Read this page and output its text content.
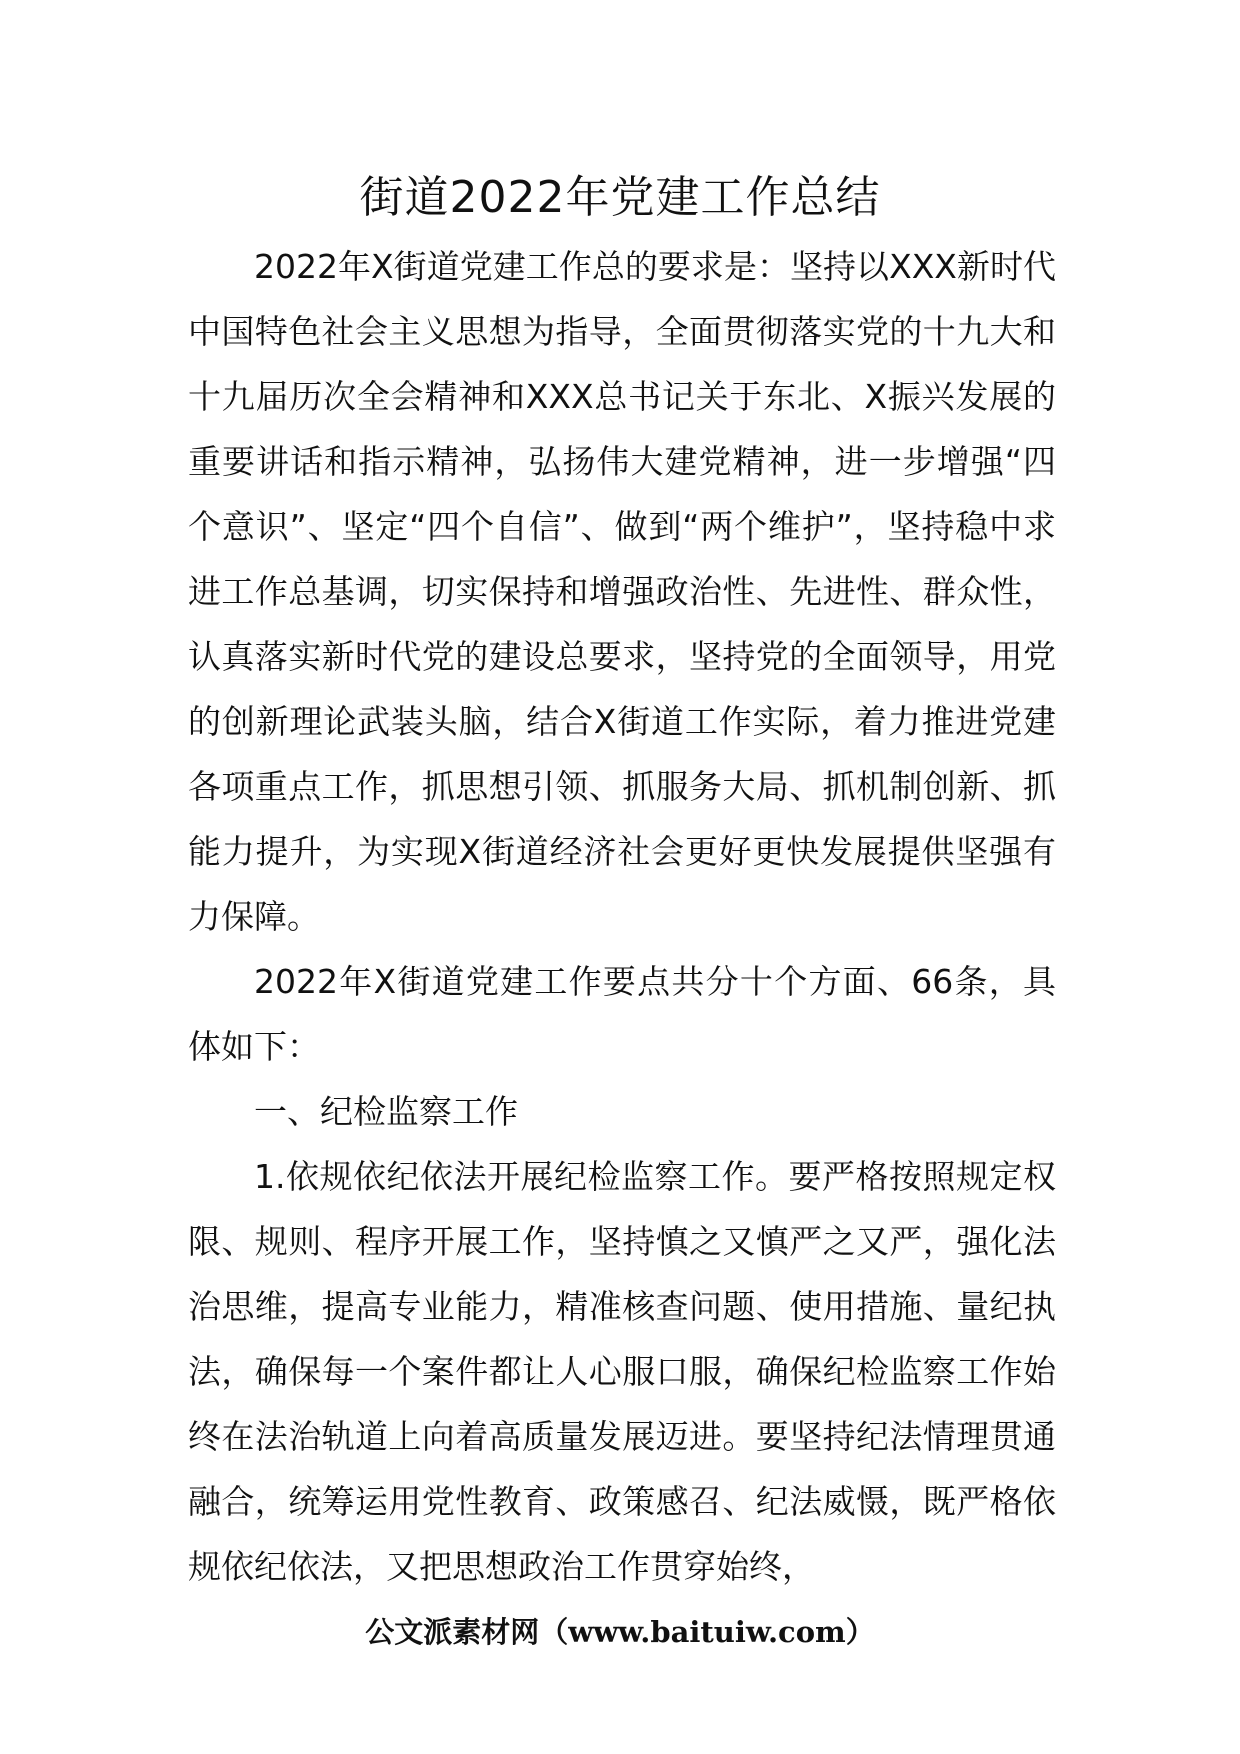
街道2022年党建工作总结

2022年X街道党建工作总的要求是：坚持以XXX新时代中国特色社会主义思想为指导，全面贯彻落实党的十九大和十九届历次全会精神和XXX总书记关于东北、X振兴发展的重要讲话和指示精神，弘扬伟大建党精神，进一步增强“四个意识”、坚定“四个自信”、做到“两个维护”，坚持稳中求进工作总基调，切实保持和增强政治性、先进性、群众性，认真落实新时代党的建设总要求，坚持党的全面领导，用党的创新理论武装头脑，结合X街道工作实际，着力推进党建各项重点工作，抓思想引领、抓服务大局、抓机制创新、抓能力提升，为实现X街道经济社会更好更快发展提供坚强有力保障。

2022年X街道党建工作要点共分十个方面、66条，具体如下：

一、纪检监察工作

1.依规依纪依法开展纪检监察工作。要严格按照规定权限、规则、程序开展工作，坚持慎之又慎严之又严，强化法治思维，提高专业能力，精准核查问题、使用措施、量纪执法，确保每一个案件都让人心服口服，确保纪检监察工作始终在法治轨道上向着高质量发展迈进。要坚持纪法情理贯通融合，统筹运用党性教育、政策感召、纪法威慑，既严格依规依纪依法，又把思想政治工作贯穿始终，

公文派素材网（www.baituiw.com）
